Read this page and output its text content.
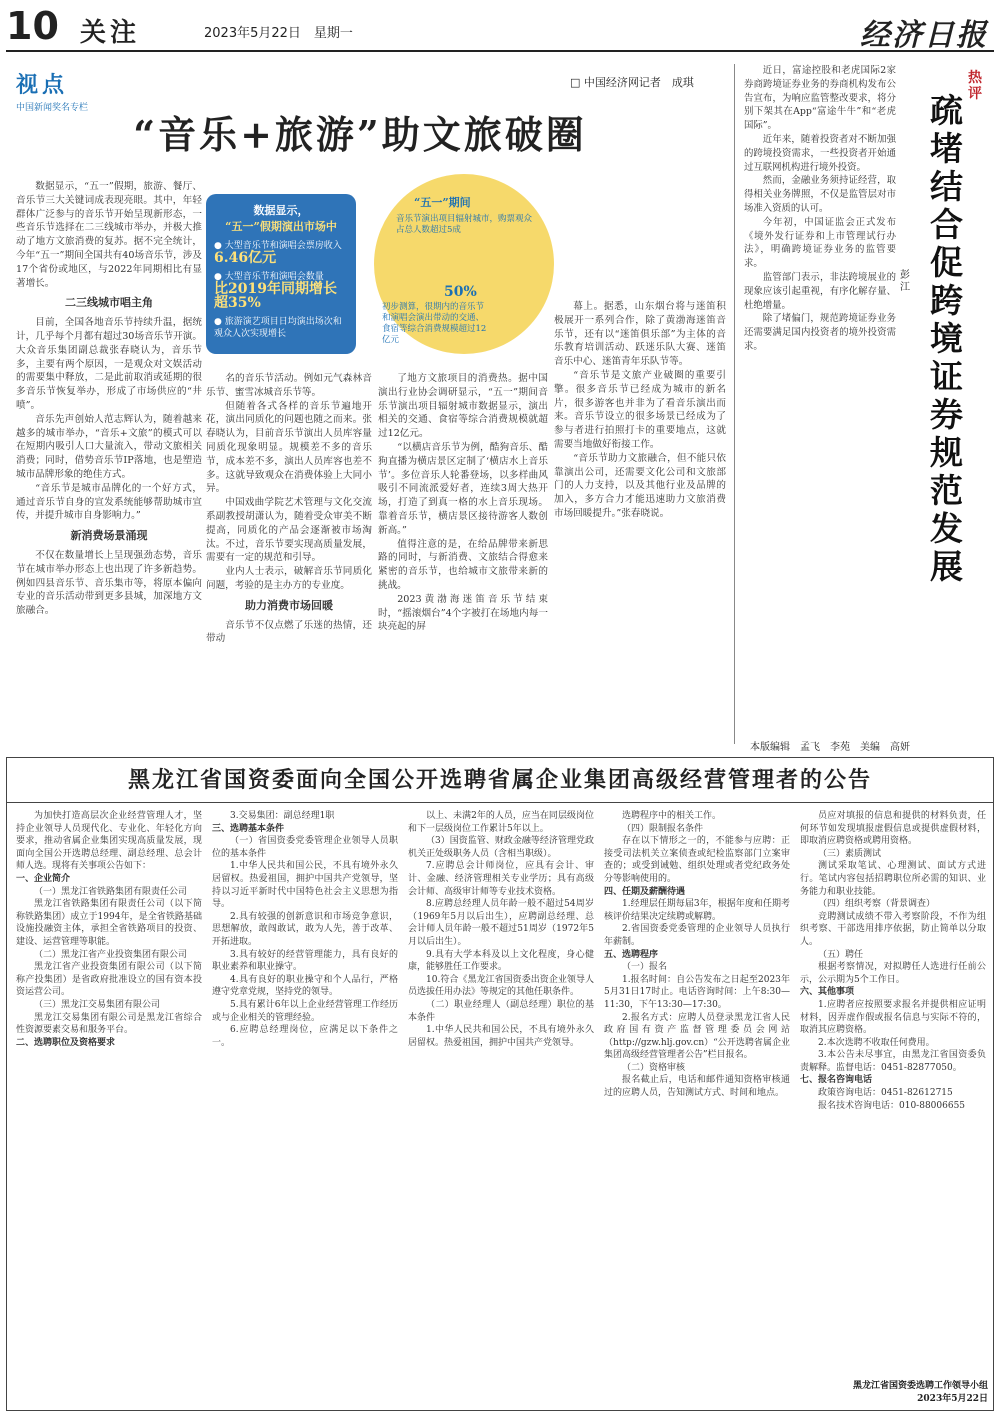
10 关注	2023年5月22日　星期一	经济日报
视点
中国新闻奖名专栏
□ 中国经济网记者　成琪
“音乐+旅游”助文旅破圈
数据显示，
“五一”假期演出市场中
● 大型音乐节和演唱会票房收入
6.46亿元
● 大型音乐节和演唱会数量
比2019年同期增长超35%
● 旅游演艺项目日均演出场次和观众人次实现增长
“五一”期间
音乐节演出项目辐射城市，购票观众占总人数超过5成
50%
初步测算，很期内的音乐节和演唱会演出带动的交通、食宿等综合消费规模超过12亿元

数据显示，“五一”假期，旅游、餐厅、音乐节三大关键词成表现亮眼。其中，年轻群体广泛参与的音乐节开始呈现新形态，一些音乐节选择在二三线城市举办，并极大推动了地方文旅消费的复苏。据不完全统计，今年“五一”期间全国共有40场音乐节，涉及17个省份或地区，与2022年同期相比有显著增长。

二三线城市唱主角

目前，全国各地音乐节持续升温，据统计，几乎每个月都有超过30场音乐节开演。大众音乐集团副总裁张春晓认为，音乐节多，主要有两个原因，一是观众对文娱活动的需要集中释放，二是此前取消或延期的很多音乐节恢复举办，形成了市场供应的“井喷”。

音乐先声创始人范志辉认为，随着越来越多的城市举办，“音乐+文旅”的模式可以在短期内吸引人口大量流入，带动文旅相关消费；同时，借势音乐节IP落地，也是塑造城市品牌形象的绝佳方式。

“音乐节是城市品牌化的一个好方式，通过音乐节自身的宣发系统能够帮助城市宣传，并提升城市自身影响力。”

新消费场景涌现

不仅在数量增长上呈现强劲态势，音乐节在城市举办形态上也出现了许多新趋势。例如四县音乐节、音乐集市等，将原本偏向专业的音乐活动带到更多县城，加深地方文旅融合。

名的音乐节活动。例如元气森林音乐节、蜜雪冰城音乐节等。

但随着各式各样的音乐节遍地开花，演出同质化的问题也随之而来。张春晓认为，目前音乐节演出人员库容量同质化现象明显。规模差不多的音乐节，成本差不多，演出人员库容也差不多。这就导致观众在消费体验上大同小异。

中国戏曲学院艺术管理与文化交流系副教授胡潇认为，随着受众审美不断提高，同质化的产品会逐渐被市场淘汰。不过，音乐节要实现高质量发展，需要有一定的规范和引导。

业内人士表示，破解音乐节同质化问题，考验的是主办方的专业度。

助力消费市场回暖

音乐节不仅点燃了乐迷的热情，还带动

了地方文旅项目的消费热。据中国演出行业协会调研显示，“五一”期间音乐节演出项目辐射城市数据显示，演出相关的交通、食宿等综合消费规模就超过12亿元。

“以横店音乐节为例，酷狗音乐、酷狗直播为横店景区定制了‘横店水上音乐节’。多位音乐人轮番登场，以多样曲风吸引不同流派爱好者，连续3周大热开场，打造了到真一格的水上音乐现场。靠着音乐节，横店景区接待游客人数创新高。”

值得注意的是，在给品牌带来新思路的同时，与新消费、文旅结合得愈来紧密的音乐节，也给城市文旅带来新的挑战。

2023黄渤海迷笛音乐节结束时，“摇滚烟台”4个字被打在场地内每一块亮起的屏

幕上。据悉，山东烟台将与迷笛积极展开一系列合作，除了黄渤海迷笛音乐节，还有以“迷笛俱乐部”为主体的音乐教育培训活动、跃迷乐队大赛、迷笛音乐中心、迷笛青年乐队节等。

“音乐节是文旅产业破圈的重要引擎。很多音乐节已经成为城市的新名片，很多游客也并非为了看音乐演出而来。音乐节设立的很多场景已经成为了参与者进行拍照打卡的重要地点，这就需要当地做好衔接工作。

“音乐节助力文旅融合，但不能只依靠演出公司，还需要文化公司和文旅部门的人力支持，以及其他行业及品牌的加入，多方合力才能迅速助力文旅消费市场回暖提升。”张春晓说。

近日，富途控股和老虎国际2家券商跨境证券业务的券商机构发布公告宣布，为响应监管整改要求，将分别下架其在App“富途牛牛”和“老虎国际”。

近年来，随着投资者对不断加强的跨境投资需求，一些投资者开始通过互联网机构进行境外投资。

然而，金融业务须持证经营，取得相关业务牌照，不仅是监管层对市场准入资质的认可。

今年初，中国证监会正式发布《境外发行证券和上市管理试行办法》，明确跨境证券业务的监管要求。

监管部门表示，非法跨境展业的现象应该引起重视，有序化解存量、杜绝增量。

除了堵偏门，规范跨境证券业务还需要满足国内投资者的境外投资需求。

彭江
热评
疏堵结合促跨境证券规范发展
本版编辑　孟飞　李苑　美编　高妍
黑龙江省国资委面向全国公开选聘省属企业集团高级经营管理者的公告

为加快打造高层次企业经营管理人才，坚持企业领导人员现代化、专业化、年轻化方向要求，推动省属企业集团实现高质量发展，现面向全国公开选聘总经理、副总经理、总会计师人选。现将有关事项公告如下：

一、企业简介

（一）黑龙江省铁路集团有限责任公司

黑龙江省铁路集团有限责任公司（以下简称铁路集团）成立于1994年，是全省铁路基础设施投融资主体，承担全省铁路项目的投资、建设、运营管理等职能。

（二）黑龙江省产业投资集团有限公司

黑龙江省产业投资集团有限公司（以下简称产投集团）是省政府批准设立的国有资本投资运营公司。

（三）黑龙江交易集团有限公司

黑龙江交易集团有限公司是黑龙江省综合性资源要素交易和服务平台。

二、选聘职位及资格要求

3.交易集团：副总经理1职

三、选聘基本条件

（一）省国资委党委管理企业领导人员职位的基本条件

1.中华人民共和国公民，不具有境外永久居留权。热爱祖国，拥护中国共产党领导，坚持以习近平新时代中国特色社会主义思想为指导。

2.具有较强的创新意识和市场竞争意识，思想解放，敢闯敢试，敢为人先，善于改革、开拓进取。

3.具有较好的经营管理能力，具有良好的职业素养和职业操守。

4.具有良好的职业操守和个人品行，严格遵守党章党规，坚持党的领导。

5.具有累计6年以上企业经营管理工作经历或与企业相关的管理经验。

6.应聘总经理岗位，应满足以下条件之一。

以上、未满2年的人员，应当在同层级岗位和下一层级岗位工作累计5年以上。

（3）国资监管、财政金融等经济管理党政机关正处级职务人员（含相当职级）。

7.应聘总会计师岗位，应具有会计、审计、金融、经济管理相关专业学历；具有高级会计师、高级审计师等专业技术资格。

8.应聘总经理人员年龄一般不超过54周岁（1969年5月以后出生），应聘副总经理、总会计师人员年龄一般不超过51周岁（1972年5月以后出生）。

9.具有大学本科及以上文化程度，身心健康，能够胜任工作要求。

10.符合《黑龙江省国资委出资企业领导人员选拔任用办法》等规定的其他任职条件。

（二）职业经理人（副总经理）职位的基本条件

1.中华人民共和国公民，不具有境外永久居留权。热爱祖国，拥护中国共产党领导。

选聘程序中的相关工作。

（四）限制报名条件

存在以下情形之一的，不能参与应聘：正接受司法机关立案侦查或纪检监察部门立案审查的；或受到诫勉、组织处理或者党纪政务处分等影响使用的。

四、任期及薪酬待遇

1.经理层任期每届3年，根据年度和任期考核评价结果决定续聘或解聘。

2.省国资委党委管理的企业领导人员执行年薪制。

五、选聘程序

（一）报名

1.报名时间：自公告发布之日起至2023年5月31日17时止。电话咨询时间：上午8:30—11:30，下午13:30—17:30。

2.报名方式：应聘人员登录黑龙江省人民政府国有资产监督管理委员会网站（http://gzw.hlj.gov.cn）“公开选聘省属企业集团高级经营管理者公告”栏目报名。

（二）资格审核

报名截止后，电话和邮件通知资格审核通过的应聘人员，告知测试方式、时间和地点。

员应对填报的信息和提供的材料负责，任何环节如发现填报虚假信息或提供虚假材料，即取消应聘资格或聘用资格。

（三）素质测试

测试采取笔试、心理测试、面试方式进行。笔试内容包括招聘职位所必需的知识、业务能力和职业技能。

（四）组织考察（背景调查）

竞聘测试成绩不带入考察阶段，不作为组织考察、干部选用排序依据，防止简单以分取人。

（五）聘任

根据考察情况，对拟聘任人选进行任前公示，公示期为5个工作日。

六、其他事项

1.应聘者应按照要求报名并提供相应证明材料，因弄虚作假或报名信息与实际不符的，取消其应聘资格。

2.本次选聘不收取任何费用。

3.本公告未尽事宜，由黑龙江省国资委负责解释。监督电话：0451-82877050。

七、报名咨询电话

政策咨询电话：0451-82612715

报名技术咨询电话：010-88006655

黑龙江省国资委选聘工作领导小组
2023年5月22日
